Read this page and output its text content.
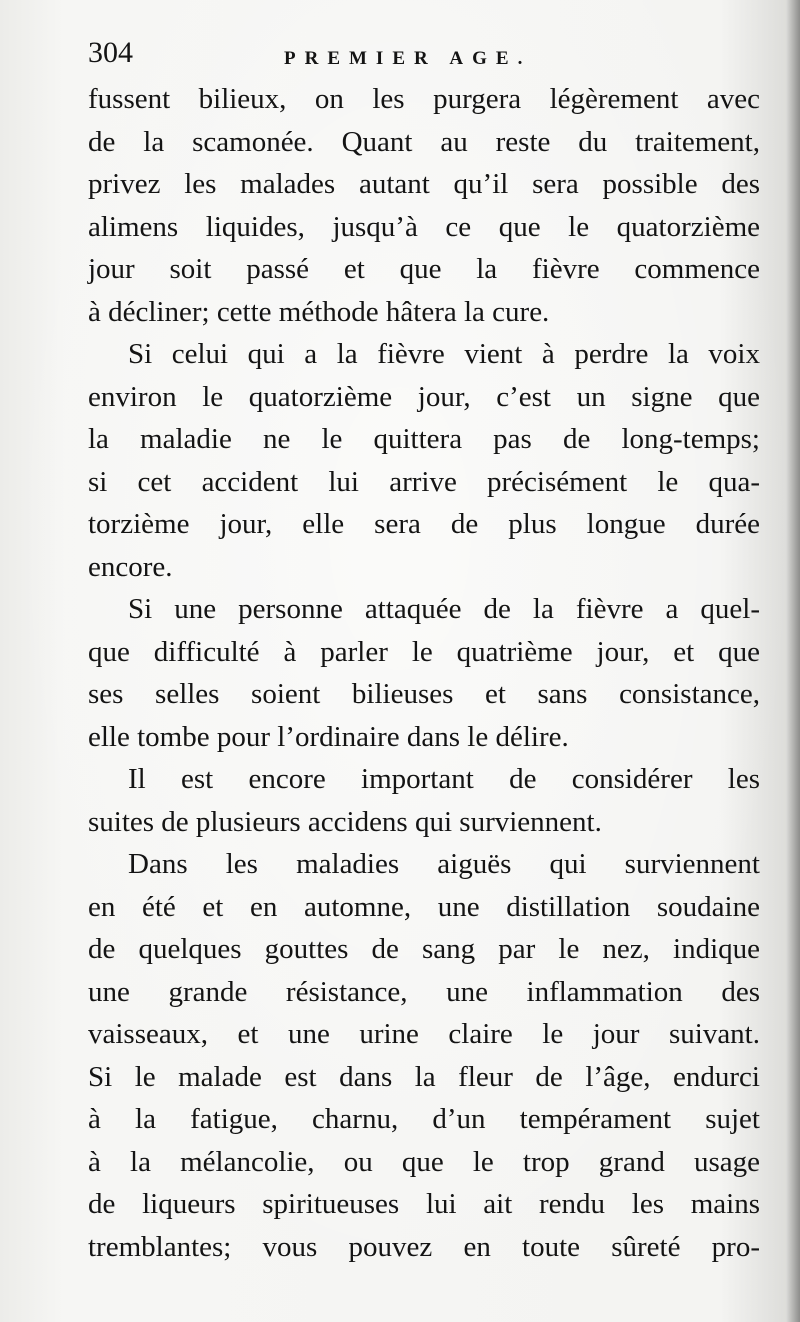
304	PREMIER AGE.
fussent bilieux, on les purgera légèrement avec
de la scamonée. Quant au reste du traitement,
privez les malades autant qu’il sera possible des
alimens liquides, jusqu’à ce que le quatorzième
jour soit passé et que la fièvre commence
à décliner; cette méthode hâtera la cure.
Si celui qui a la fièvre vient à perdre la voix
environ le quatorzième jour, c’est un signe que
la maladie ne le quittera pas de long-temps;
si cet accident lui arrive précisément le qua-
torzième jour, elle sera de plus longue durée
encore.
Si une personne attaquée de la fièvre a quel-
que difficulté à parler le quatrième jour, et que
ses selles soient bilieuses et sans consistance,
elle tombe pour l’ordinaire dans le délire.
Il est encore important de considérer les
suites de plusieurs accidens qui surviennent.
Dans les maladies aiguës qui surviennent
en été et en automne, une distillation soudaine
de quelques gouttes de sang par le nez, indique
une grande résistance, une inflammation des
vaisseaux, et une urine claire le jour suivant.
Si le malade est dans la fleur de l’âge, endurci
à la fatigue, charnu, d’un tempérament sujet
à la mélancolie, ou que le trop grand usage
de liqueurs spiritueuses lui ait rendu les mains
tremblantes; vous pouvez en toute sûreté pro-
